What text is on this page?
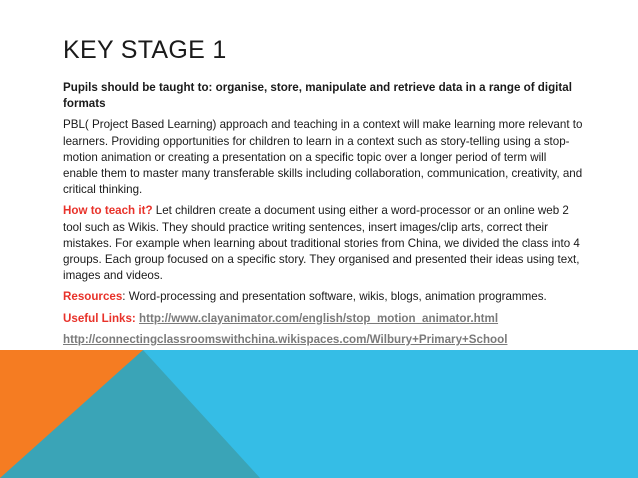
KEY STAGE 1

Pupils should be taught to: organise, store, manipulate and retrieve data in a range of digital formats

PBL( Project Based Learning) approach and teaching in a context will make learning more relevant to learners. Providing opportunities for children to learn in a context such as story-telling using a stop-motion animation or creating a presentation on a specific topic over a longer period of term will enable them to master many transferable skills including collaboration, communication, creativity, and critical thinking.

How to teach it? Let children create a document using either a word-processor or an online web 2 tool such as Wikis. They should practice writing sentences, insert images/clip arts, correct their mistakes. For example when learning about traditional stories from China, we divided the class into 4 groups. Each group focused on a specific story. They organised and presented their ideas using text, images and videos.

Resources: Word-processing and presentation software, wikis, blogs, animation programmes.

Useful Links: http://www.clayanimator.com/english/stop_motion_animator.html

http://connectingclassroomswithchina.wikispaces.com/Wilbury+Primary+School
